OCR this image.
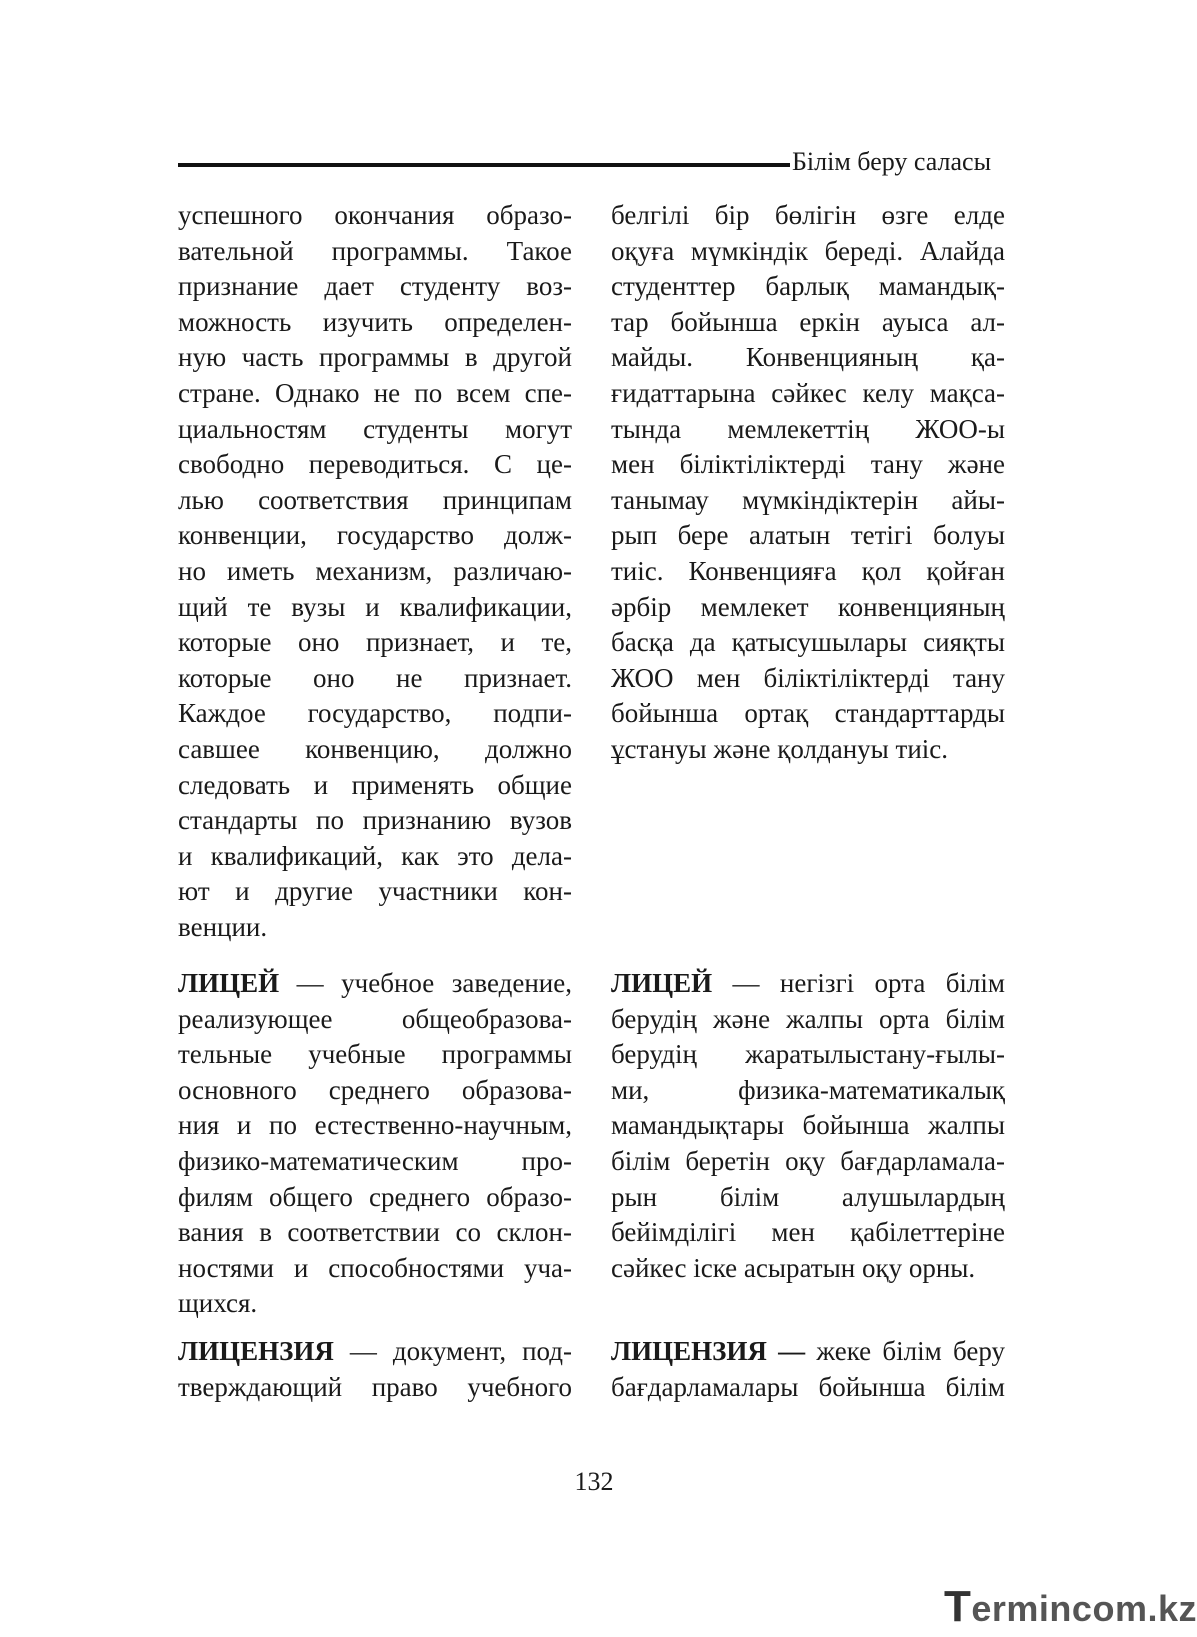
Білім беру саласы
успешного окончания образо-
вательной программы. Такое
признание дает студенту воз-
можность изучить определен-
ную часть программы в другой
стране. Однако не по всем спе-
циальностям студенты могут
свободно переводиться. С це-
лью соответствия принципам
конвенции, государство долж-
но иметь механизм, различаю-
щий те вузы и квалификации,
которые оно признает, и те,
которые оно не признает.
Каждое государство, подпи-
савшее конвенцию, должно
следовать и применять общие
стандарты по признанию вузов
и квалификаций, как это дела-
ют и другие участники кон-
венции.
белгілі бір бөлігін өзге елде
оқуға мүмкіндік береді. Алайда
студенттер барлық мамандық-
тар бойынша еркін ауыса ал-
майды. Конвенцияның қа-
ғидаттарына сәйкес келу мақса-
тында мемлекеттің ЖОО-ы
мен біліктіліктерді тану және
танымау мүмкіндіктерін айы-
рып бере алатын тетігі болуы
тиіс. Конвенцияға қол қойған
әрбір мемлекет конвенцияның
басқа да қатысушылары сияқты
ЖОО мен біліктіліктерді тану
бойынша ортақ стандарттарды
ұстануы және қолдануы тиіс.
ЛИЦЕЙ — учебное заведение,
реализующее общеобразова-
тельные учебные программы
основного среднего образова-
ния и по естественно-научным,
физико-математическим про-
филям общего среднего образо-
вания в соответствии со склон-
ностями и способностями уча-
щихся.
ЛИЦЕЙ — негізгі орта білім
берудің және жалпы орта білім
берудің жаратылыстану-ғылы-
ми, физика-математикалық
мамандықтары бойынша жалпы
білім беретін оқу бағдарламала-
рын білім алушылардың
бейімділігі мен қабілеттеріне
сәйкес іске асыратын оқу орны.
ЛИЦЕНЗИЯ — документ, под-
тверждающий право учебного
ЛИЦЕНЗИЯ — жеке білім беру
бағдарламалары бойынша білім
132
Termincom.kz
